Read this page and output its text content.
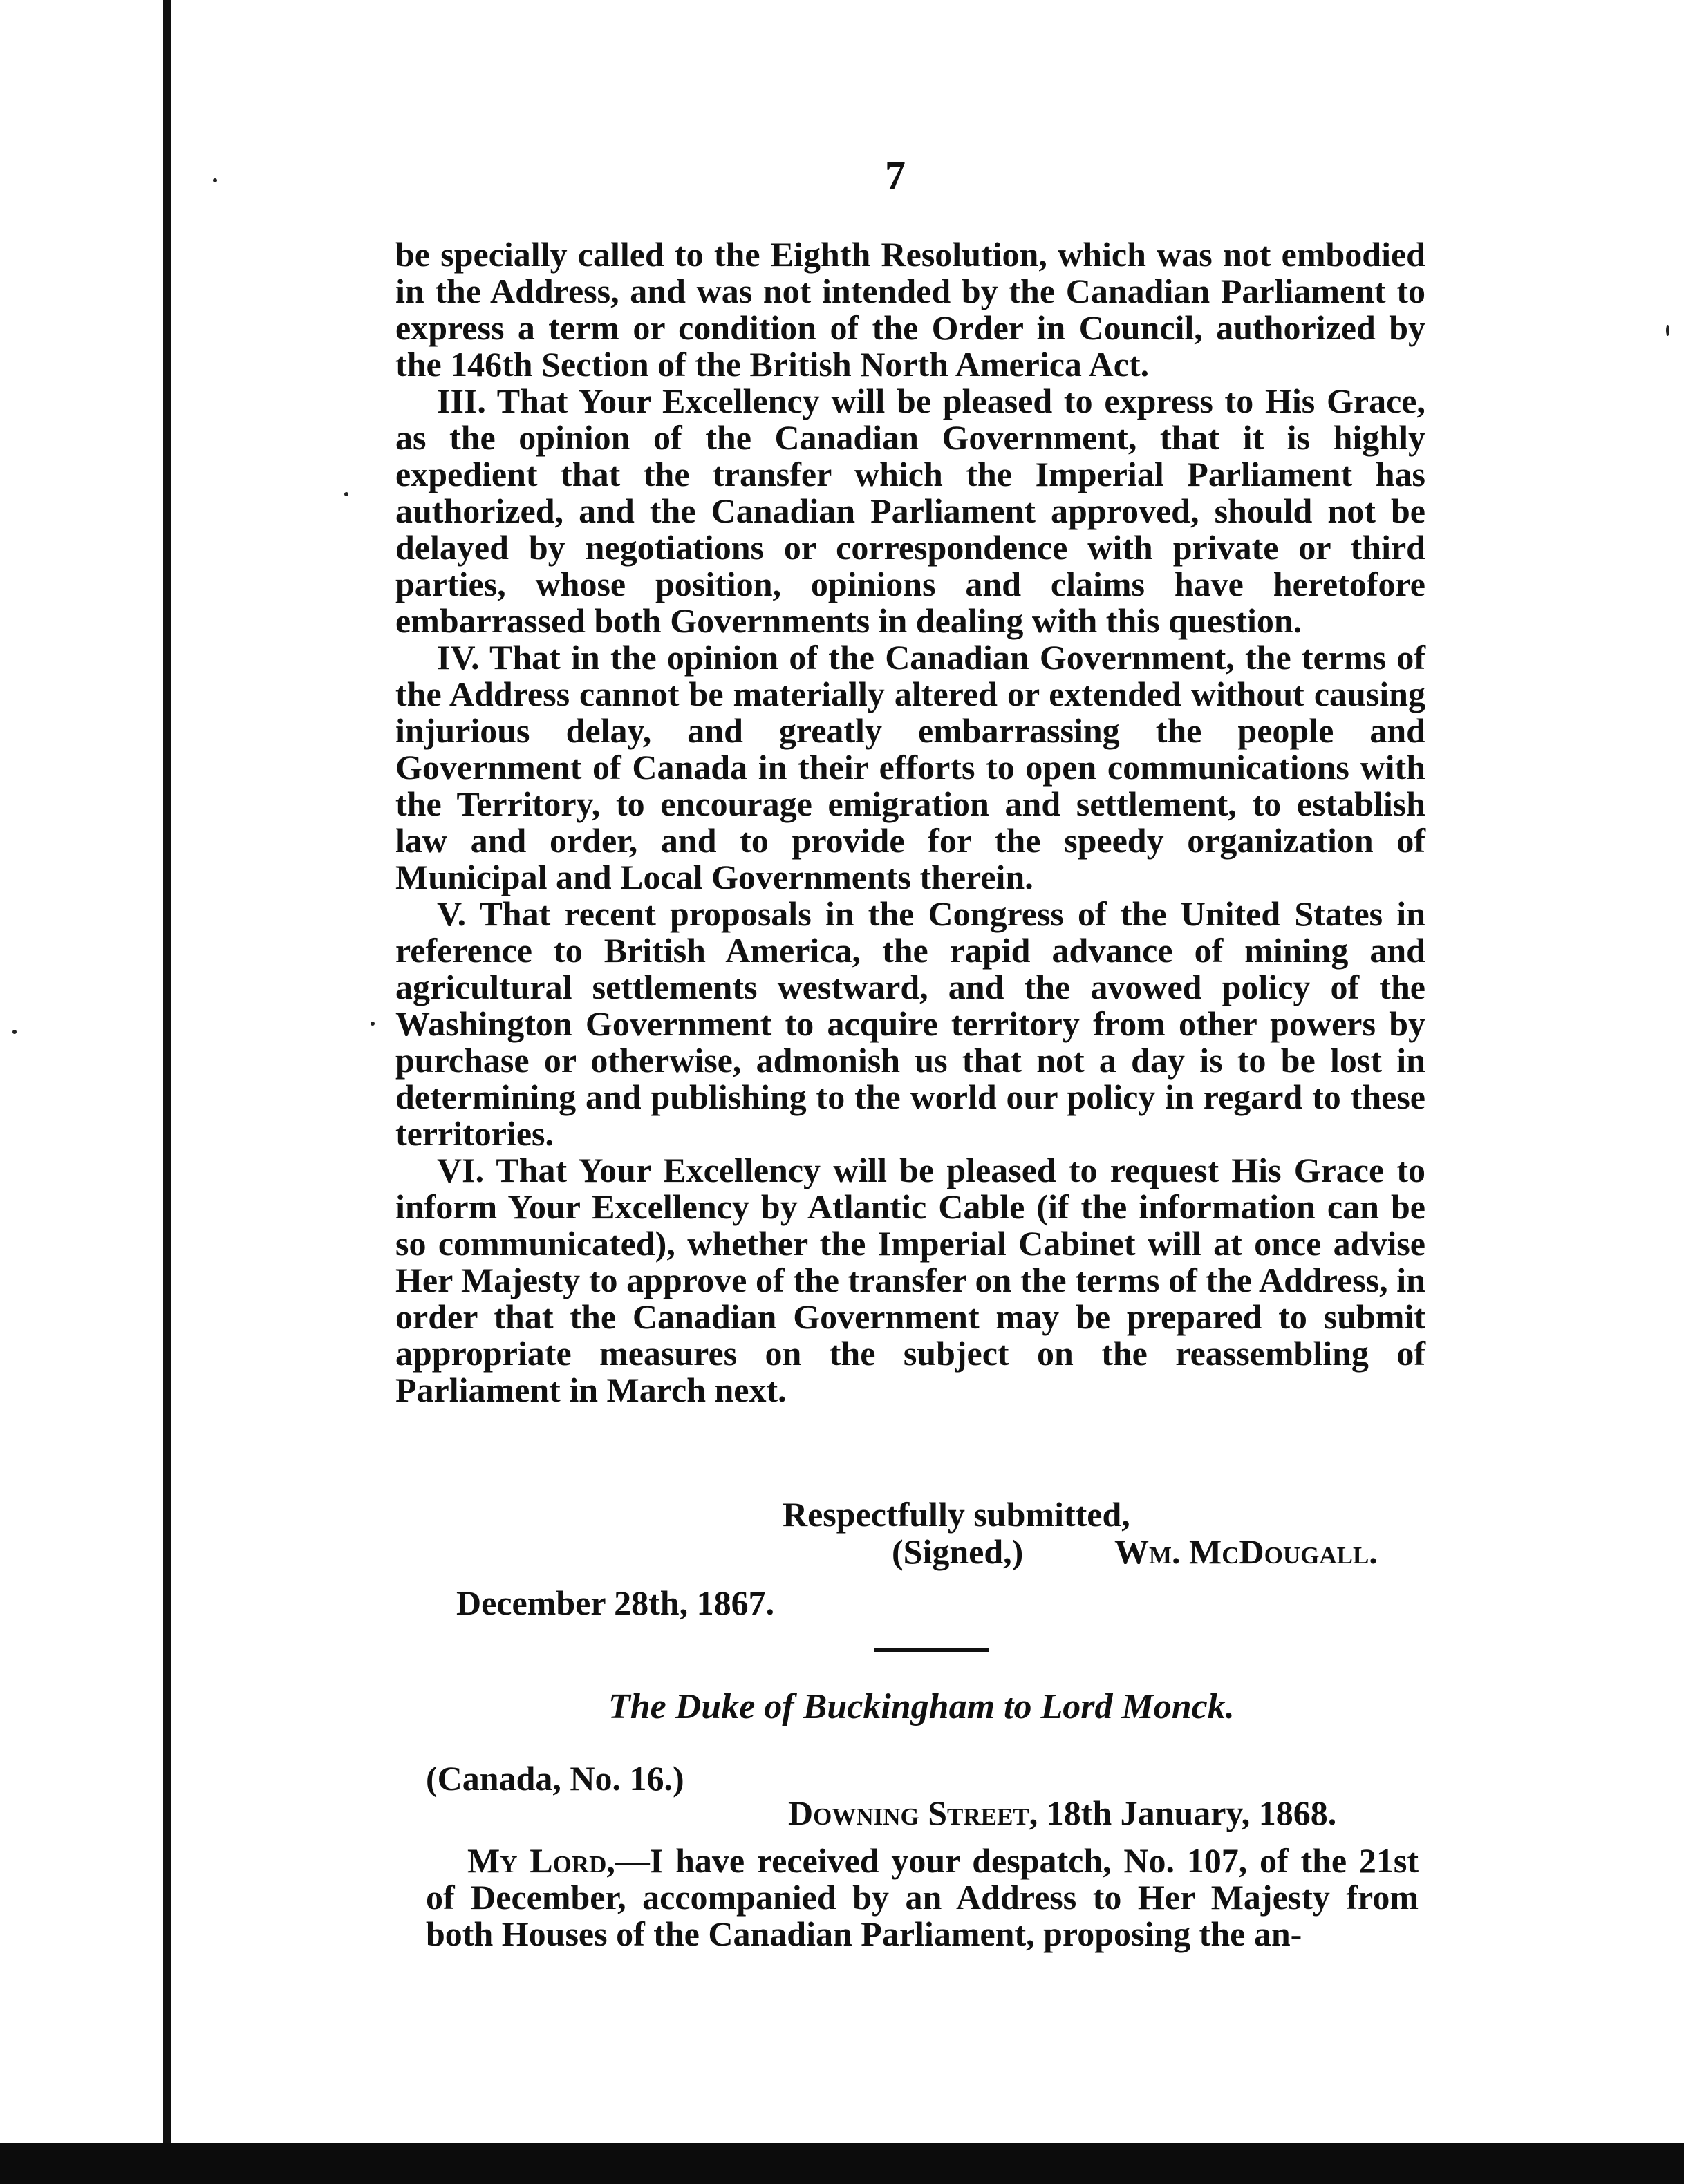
7

be specially called to the Eighth Resolution, which was not embodied in the Address, and was not intended by the Canadian Parliament to express a term or condition of the Order in Council, authorized by the 146th Section of the British North America Act.

III. That Your Excellency will be pleased to express to His Grace, as the opinion of the Canadian Government, that it is highly expedient that the transfer which the Imperial Parliament has authorized, and the Canadian Parliament approved, should not be delayed by negotiations or correspondence with private or third parties, whose position, opinions and claims have heretofore embarrassed both Governments in dealing with this question.

IV. That in the opinion of the Canadian Government, the terms of the Address cannot be materially altered or extended without causing injurious delay, and greatly embarrassing the people and Government of Canada in their efforts to open communications with the Territory, to encourage emigration and settlement, to establish law and order, and to provide for the speedy organization of Municipal and Local Governments therein.

V. That recent proposals in the Congress of the United States in reference to British America, the rapid advance of mining and agricultural settlements westward, and the avowed policy of the Washington Government to acquire territory from other powers by purchase or otherwise, admonish us that not a day is to be lost in determining and publishing to the world our policy in regard to these territories.

VI. That Your Excellency will be pleased to request His Grace to inform Your Excellency by Atlantic Cable (if the information can be so communicated), whether the Imperial Cabinet will at once advise Her Majesty to approve of the transfer on the terms of the Address, in order that the Canadian Government may be prepared to submit appropriate measures on the subject on the reassembling of Parliament in March next.

Respectfully submitted,
(Signed,)	Wm. McDougall.
December 28th, 1867.
The Duke of Buckingham to Lord Monck.
(Canada, No. 16.)
Downing Street, 18th January, 1868.

My Lord,—I have received your despatch, No. 107, of the 21st of December, accompanied by an Address to Her Majesty from both Houses of the Canadian Parliament, proposing the an-
